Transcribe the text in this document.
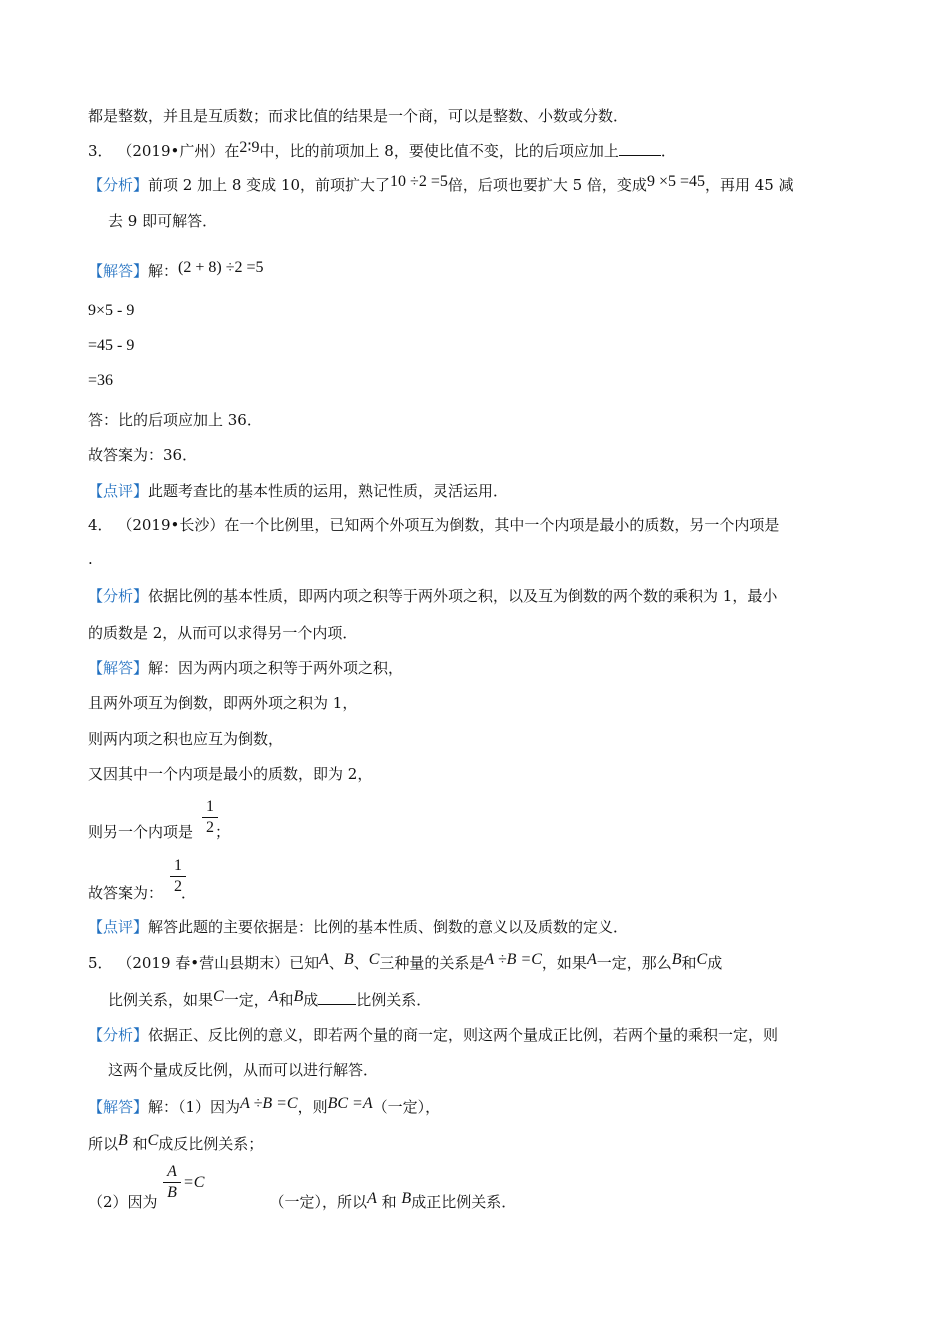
都是整数，并且是互质数；而求比值的结果是一个商，可以是整数、小数或分数．
3． （2019•广州）在2∶9中，比的前项加上 8，要使比值不变，比的后项应加上	．
【分析】前项 2 加上 8 变成 10，前项扩大了10 ÷2 =5倍，后项也要扩大 5 倍，变成9 ×5 =45，再用 45 减
去 9 即可解答．
【解答】解：(2 + 8) ÷2 =5
9×5 - 9
=45 - 9
=36
答：比的后项应加上 36．
故答案为：36．
【点评】此题考查比的基本性质的运用，熟记性质，灵活运用．
4． （2019•长沙）在一个比例里，已知两个外项互为倒数，其中一个内项是最小的质数，另一个内项是
.
【分析】依据比例的基本性质，即两内项之积等于两外项之积，以及互为倒数的两个数的乘积为 1，最小
的质数是 2，从而可以求得另一个内项．
【解答】解：因为两内项之积等于两外项之积，
且两外项互为倒数，即两外项之积为 1，
则两内项之积也应互为倒数，
又因其中一个内项是最小的质数，即为 2，
则另一个内项是 ；
1
2
故答案为： ．
1
2
【点评】解答此题的主要依据是：比例的基本性质、倒数的意义以及质数的定义．
5． （2019 春•营山县期末）已知A、B、C三种量的关系是A ÷B =C，如果A一定，那么B和C成
比例关系，如果C一定，A和B成	比例关系．
【分析】依据正、反比例的意义，即若两个量的商一定，则这两个量成正比例，若两个量的乘积一定，则
这两个量成反比例，从而可以进行解答．
【解答】解：（1）因为A ÷B =C，则BC =A（一定），
所以B 和C成反比例关系；
A
B
=C
（2）因为	（一定），所以A 和 B成正比例关系．
